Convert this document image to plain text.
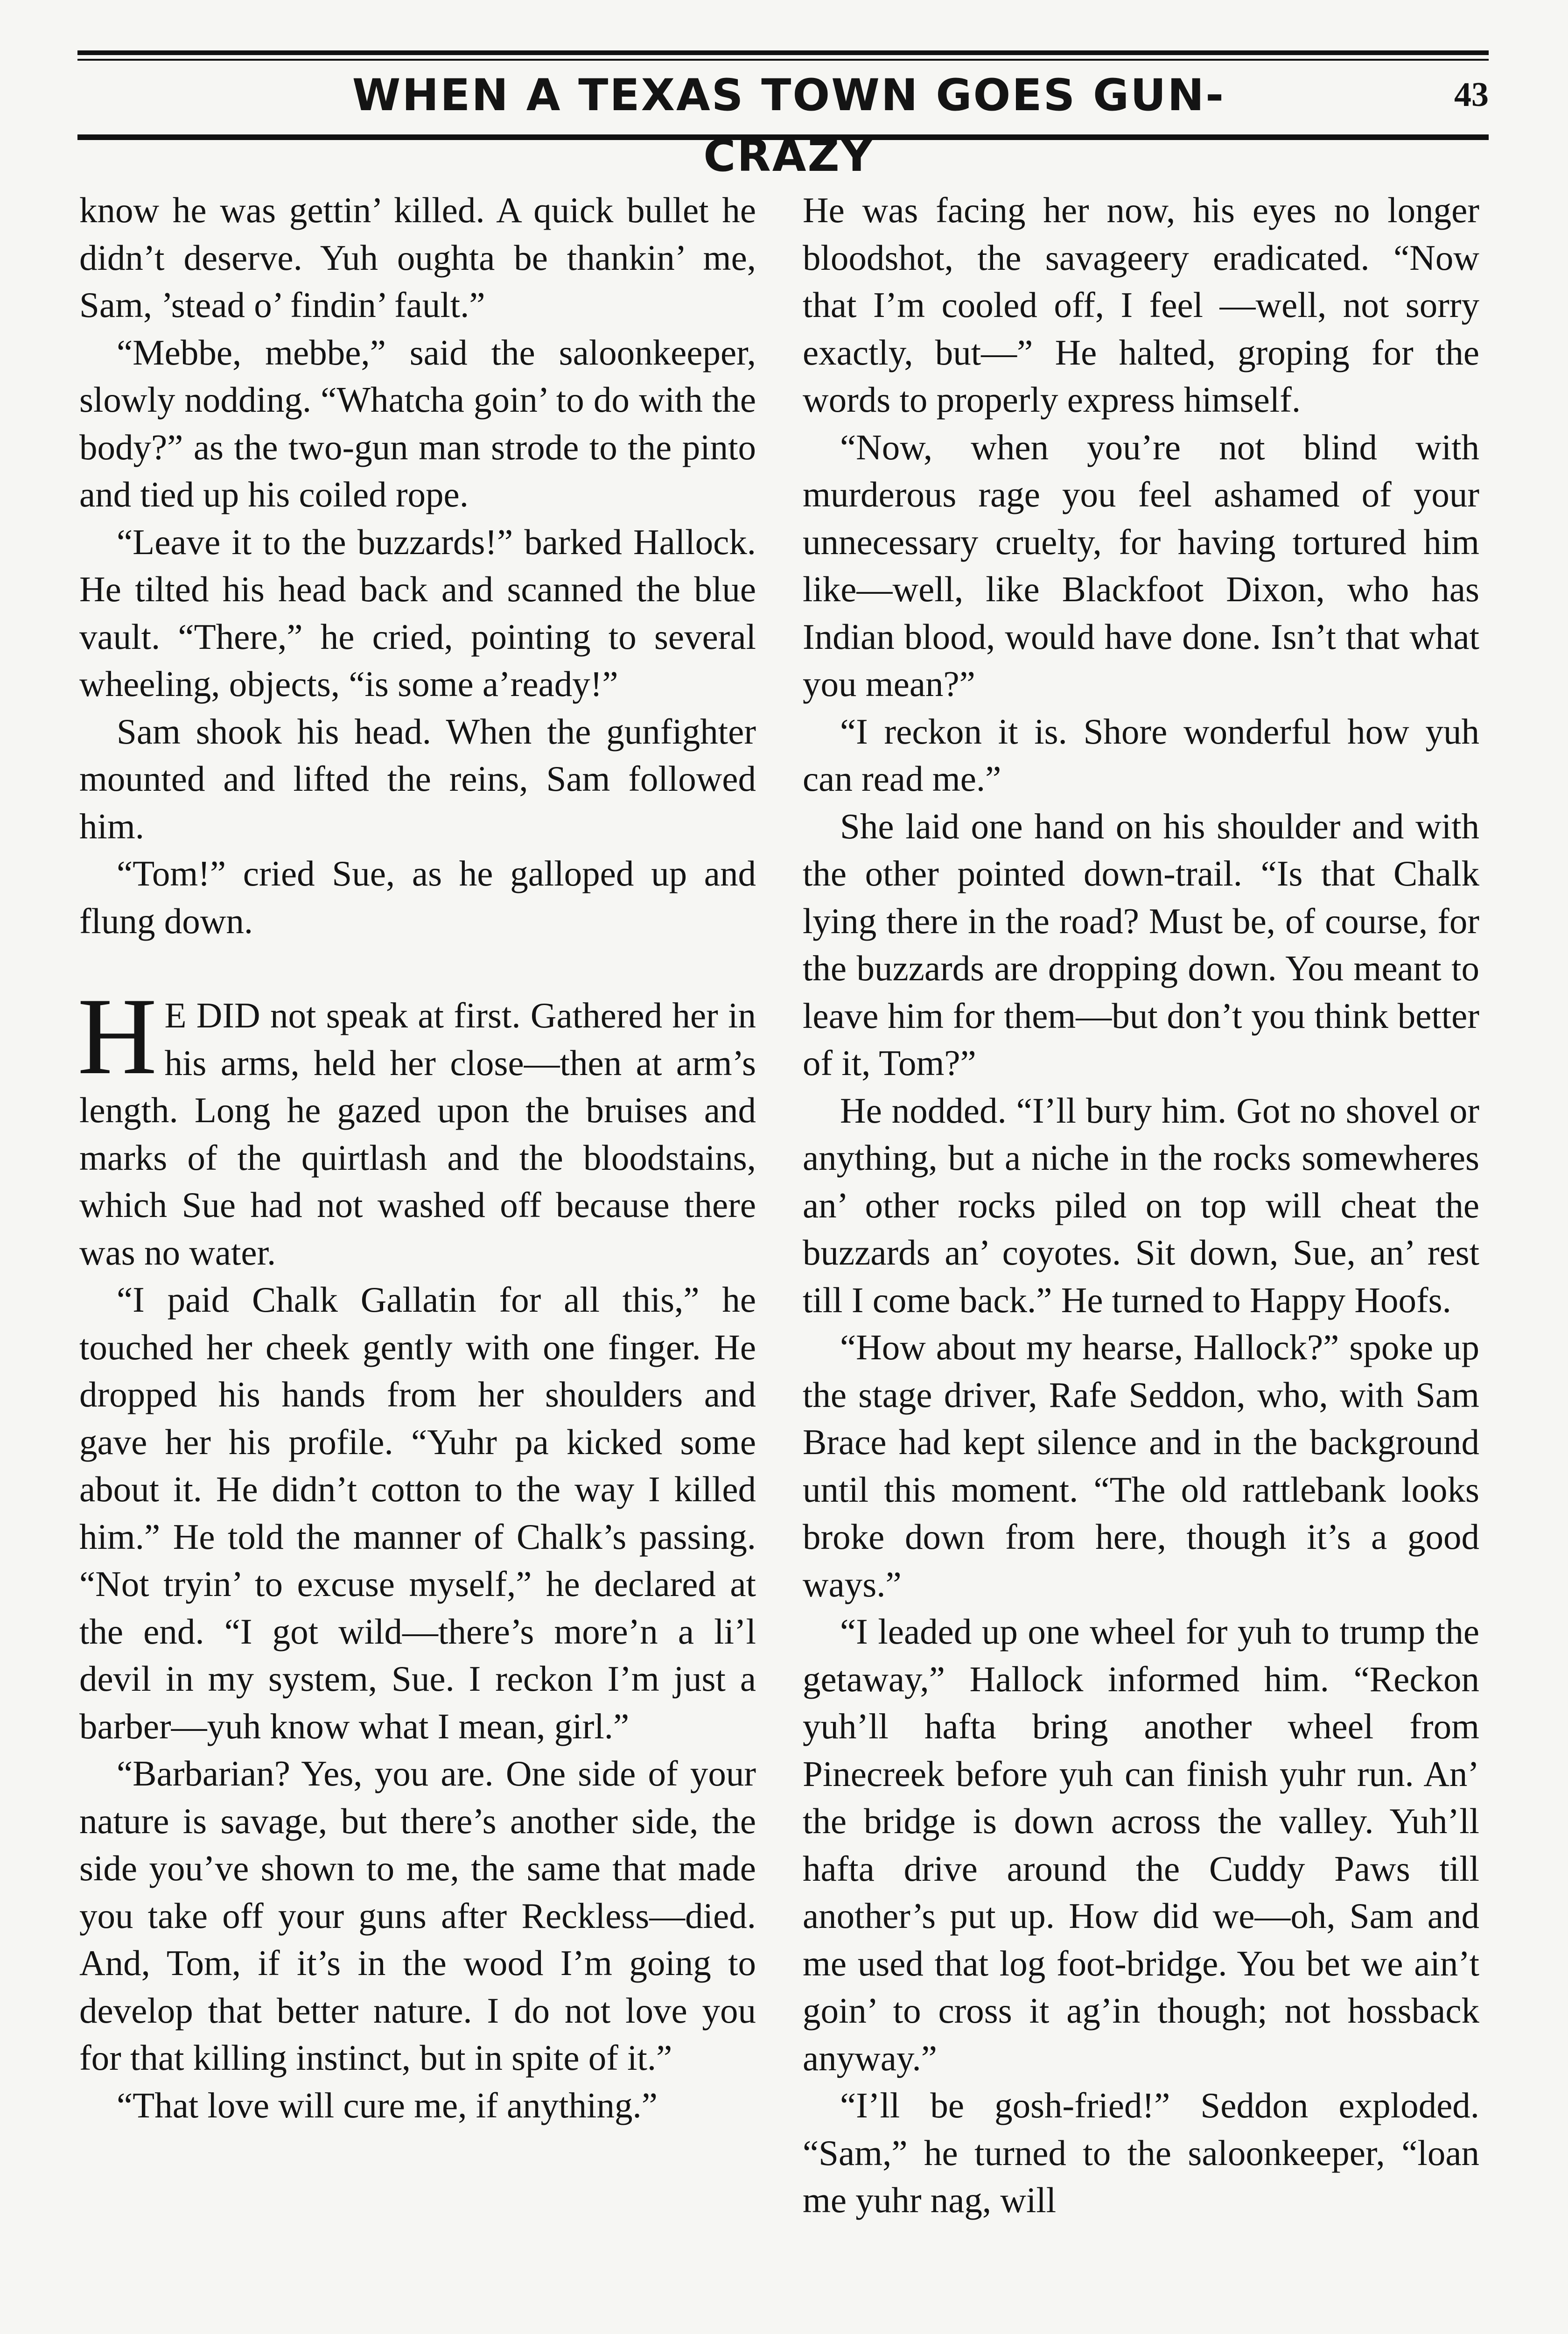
WHEN A TEXAS TOWN GOES GUN-CRAZY
43

know he was gettin’ killed. A quick bullet he didn’t deserve. Yuh oughta be thankin’ me, Sam, ’stead o’ findin’ fault.”

“Mebbe, mebbe,” said the saloonkeeper, slowly nodding. “Whatcha goin’ to do with the body?” as the two-gun man strode to the pinto and tied up his coiled rope.

“Leave it to the buzzards!” barked Hallock. He tilted his head back and scanned the blue vault. “There,” he cried, pointing to several wheeling, objects, “is some a’ready!”

Sam shook his head. When the gunfighter mounted and lifted the reins, Sam followed him.

“Tom!” cried Sue, as he galloped up and flung down.

H E DID not speak at first. Gathered her in his arms, held her close—then at arm’s length. Long he gazed upon the bruises and marks of the quirtlash and the bloodstains, which Sue had not washed off because there was no water.

“I paid Chalk Gallatin for all this,” he touched her cheek gently with one finger. He dropped his hands from her shoulders and gave her his profile. “Yuhr pa kicked some about it. He didn’t cotton to the way I killed him.” He told the manner of Chalk’s passing. “Not tryin’ to excuse myself,” he declared at the end. “I got wild—there’s more’n a li’l devil in my system, Sue. I reckon I’m just a barber—yuh know what I mean, girl.”

“Barbarian? Yes, you are. One side of your nature is savage, but there’s another side, the side you’ve shown to me, the same that made you take off your guns after Reckless—died. And, Tom, if it’s in the wood I’m going to develop that better nature. I do not love you for that killing instinct, but in spite of it.”

“That love will cure me, if anything.”

He was facing her now, his eyes no longer bloodshot, the savageery eradicated. “Now that I’m cooled off, I feel —well, not sorry exactly, but—” He halted, groping for the words to properly express himself.

“Now, when you’re not blind with murderous rage you feel ashamed of your unnecessary cruelty, for having tortured him like—well, like Blackfoot Dixon, who has Indian blood, would have done. Isn’t that what you mean?”

“I reckon it is. Shore wonderful how yuh can read me.”

She laid one hand on his shoulder and with the other pointed down-trail. “Is that Chalk lying there in the road? Must be, of course, for the buzzards are dropping down. You meant to leave him for them—but don’t you think better of it, Tom?”

He nodded. “I’ll bury him. Got no shovel or anything, but a niche in the rocks somewheres an’ other rocks piled on top will cheat the buzzards an’ coyotes. Sit down, Sue, an’ rest till I come back.” He turned to Happy Hoofs.

“How about my hearse, Hallock?” spoke up the stage driver, Rafe Seddon, who, with Sam Brace had kept silence and in the background until this moment. “The old rattlebank looks broke down from here, though it’s a good ways.”

“I leaded up one wheel for yuh to trump the getaway,” Hallock informed him. “Reckon yuh’ll hafta bring another wheel from Pinecreek before yuh can finish yuhr run. An’ the bridge is down across the valley. Yuh’ll hafta drive around the Cuddy Paws till another’s put up. How did we—oh, Sam and me used that log foot-bridge. You bet we ain’t goin’ to cross it ag’in though; not hossback anyway.”

“I’ll be gosh-fried!” Seddon exploded. “Sam,” he turned to the saloonkeeper, “loan me yuhr nag, will
